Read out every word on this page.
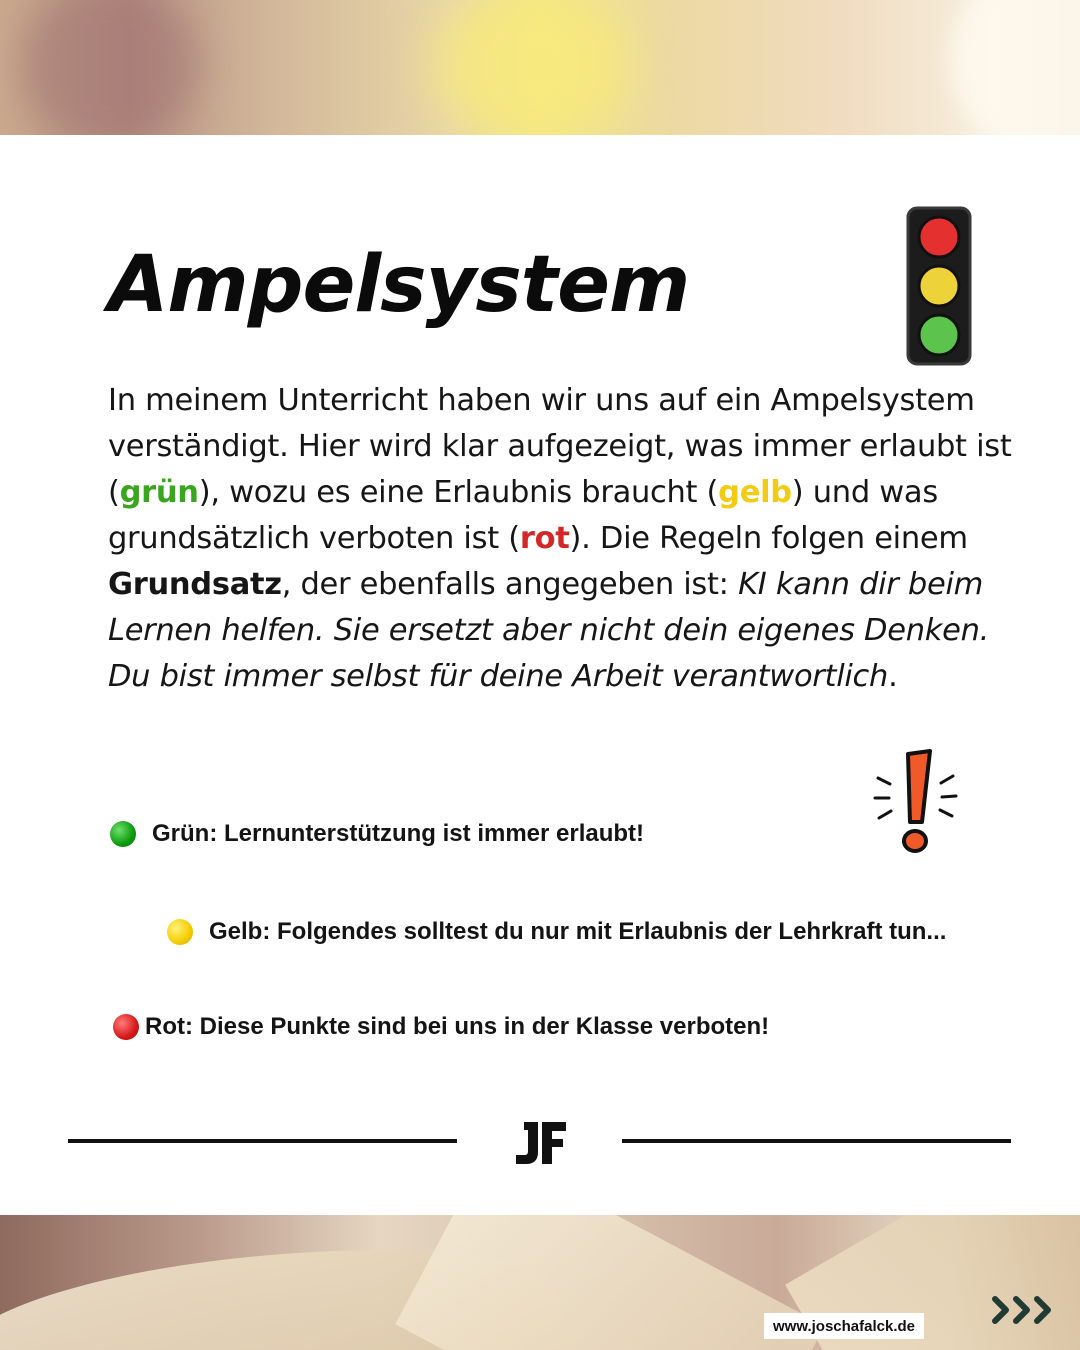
Ampelsystem

In meinem Unterricht haben wir uns auf ein Ampelsystem verständigt. Hier wird klar aufgezeigt, was immer erlaubt ist (grün), wozu es eine Erlaubnis braucht (gelb) und was grundsätzlich verboten ist (rot). Die Regeln folgen einem Grundsatz, der ebenfalls angegeben ist: KI kann dir beim Lernen helfen. Sie ersetzt aber nicht dein eigenes Denken. Du bist immer selbst für deine Arbeit verantwortlich.

Grün: Lernunterstützung ist immer erlaubt!
Gelb: Folgendes solltest du nur mit Erlaubnis der Lehrkraft tun...
Rot: Diese Punkte sind bei uns in der Klasse verboten!
www.joschafalck.de
